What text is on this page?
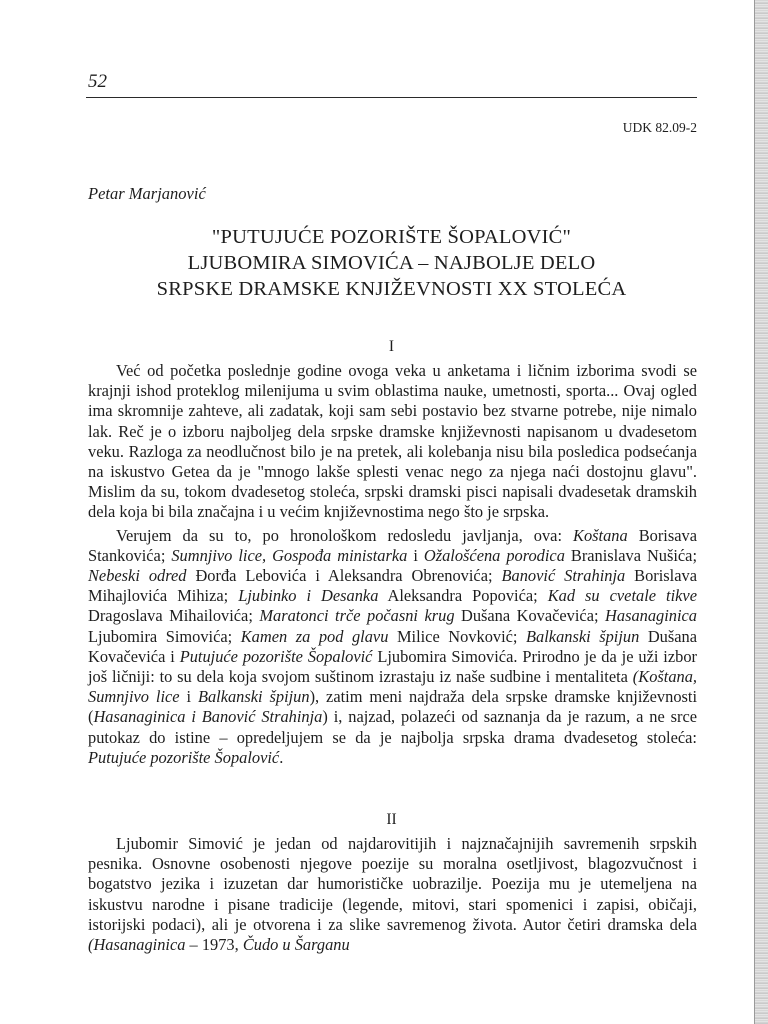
52
UDK 82.09-2
Petar Marjanović
"PUTUJUĆE POZORIŠTE ŠOPALOVIĆ"
LJUBOMIRA SIMOVIĆA – NAJBOLJE DELO
SRPSKE DRAMSKE KNJIŽEVNOSTI XX STOLEĆA
I

Već od početka poslednje godine ovoga veka u anketama i ličnim izborima svodi se krajnji ishod proteklog milenijuma u svim oblastima nauke, umetnosti, sporta... Ovaj ogled ima skromnije zahteve, ali zadatak, koji sam sebi postavio bez stvarne potrebe, nije nimalo lak. Reč je o izboru najboljeg dela srpske dramske književnosti napisanom u dvadesetom veku. Razloga za neodlučnost bilo je na pretek, ali kolebanja nisu bila posledica podsećanja na iskustvo Getea da je "mnogo lakše splesti venac nego za njega naći dostojnu glavu". Mislim da su, tokom dvadesetog stoleća, srpski dramski pisci napisali dvadesetak dramskih dela koja bi bila značajna i u većim književnostima nego što je srpska.

Verujem da su to, po hronološkom redosledu javljanja, ova: Koštana Borisava Stankovića; Sumnjivo lice, Gospođa ministarka i Ožalošćena porodica Branislava Nušića; Nebeski odred Đorđa Lebovića i Aleksandra Obrenovića; Banović Strahinja Borislava Mihajlovića Mihiza; Ljubinko i Desanka Aleksandra Popovića; Kad su cvetale tikve Dragoslava Mihailovića; Maratonci trče počasni krug Dušana Kovačevića; Hasanaginica Ljubomira Simovića; Kamen za pod glavu Milice Novković; Balkanski špijun Dušana Kovačevića i Putujuće pozorište Šopalović Ljubomira Simovića. Prirodno je da je uži izbor još ličniji: to su dela koja svojom suštinom izrastaju iz naše sudbine i mentaliteta (Koštana, Sumnjivo lice i Balkanski špijun), zatim meni najdraža dela srpske dramske književnosti (Hasanaginica i Banović Strahinja) i, najzad, polazeći od saznanja da je razum, a ne srce putokaz do istine – opredeljujem se da je najbolja srpska drama dvadesetog stoleća: Putujuće pozorište Šopalović.

II

Ljubomir Simović je jedan od najdarovitijih i najznačajnijih savremenih srpskih pesnika. Osnovne osobenosti njegove poezije su moralna osetljivost, blagozvučnost i bogatstvo jezika i izuzetan dar humorističke uobrazilje. Poezija mu je utemeljena na iskustvu narodne i pisane tradicije (legende, mitovi, stari spomenici i zapisi, običaji, istorijski podaci), ali je otvorena i za slike savremenog života. Autor četiri dramska dela (Hasanaginica – 1973, Čudo u Šarganu
